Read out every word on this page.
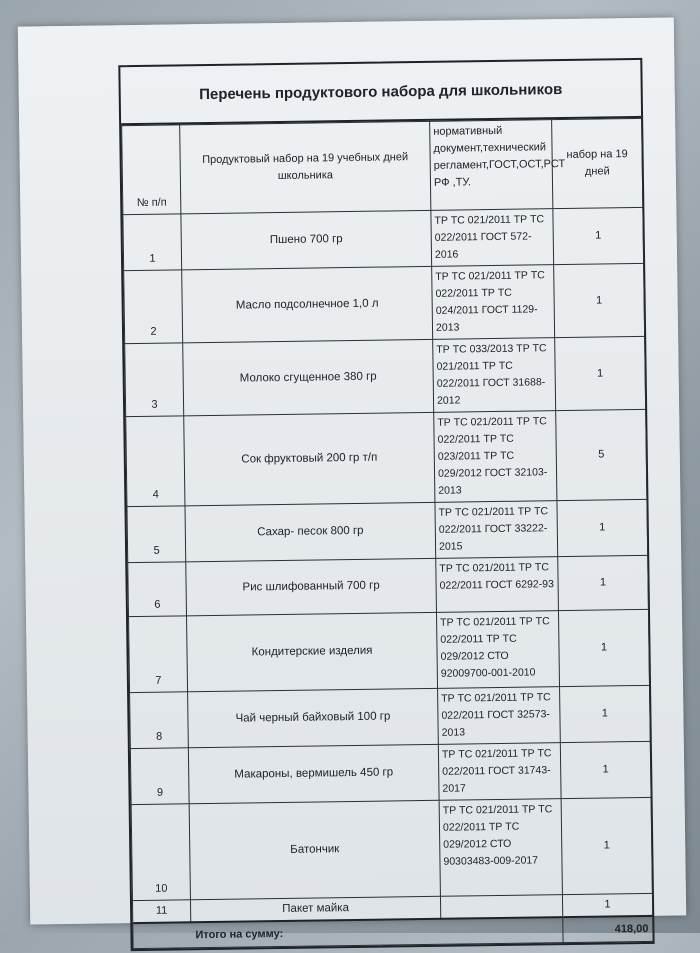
Перечень продуктового набора для школьников
№ п/п	Продуктовый набор на 19 учебных дней школьника	нормативный документ,технический регламент,ГОСТ,ОСТ,РСТ РФ ,ТУ.	набор на 19 дней
1	Пшено 700 гр	ТР ТС 021/2011 ТР ТС 022/2011 ГОСТ 572-2016	1
2	Масло подсолнечное 1,0 л	ТР ТС 021/2011 ТР ТС 022/2011 ТР ТС 024/2011 ГОСТ 1129-2013	1
3	Молоко сгущенное 380 гр	ТР ТС 033/2013 ТР ТС 021/2011 ТР ТС 022/2011 ГОСТ 31688-2012	1
4	Сок фруктовый 200 гр т/п	ТР ТС 021/2011 ТР ТС 022/2011 ТР ТС 023/2011 ТР ТС 029/2012 ГОСТ 32103-2013	5
5	Сахар- песок 800 гр	ТР ТС 021/2011 ТР ТС 022/2011 ГОСТ 33222-2015	1
6	Рис шлифованный 700 гр	ТР ТС 021/2011 ТР ТС 022/2011 ГОСТ 6292-93	1
7	Кондитерские изделия	ТР ТС 021/2011 ТР ТС 022/2011 ТР ТС 029/2012 СТО 92009700-001-2010	1
8	Чай черный байховый 100 гр	ТР ТС 021/2011 ТР ТС 022/2011 ГОСТ 32573-2013	1
9	Макароны, вермишель 450 гр	ТР ТС 021/2011 ТР ТС 022/2011 ГОСТ 31743-2017	1
10	Батончик	ТР ТС 021/2011 ТР ТС 022/2011 ТР ТС 029/2012 СТО 90303483-009-2017	1
11	Пакет майка		1
Итого на сумму:			418,00
